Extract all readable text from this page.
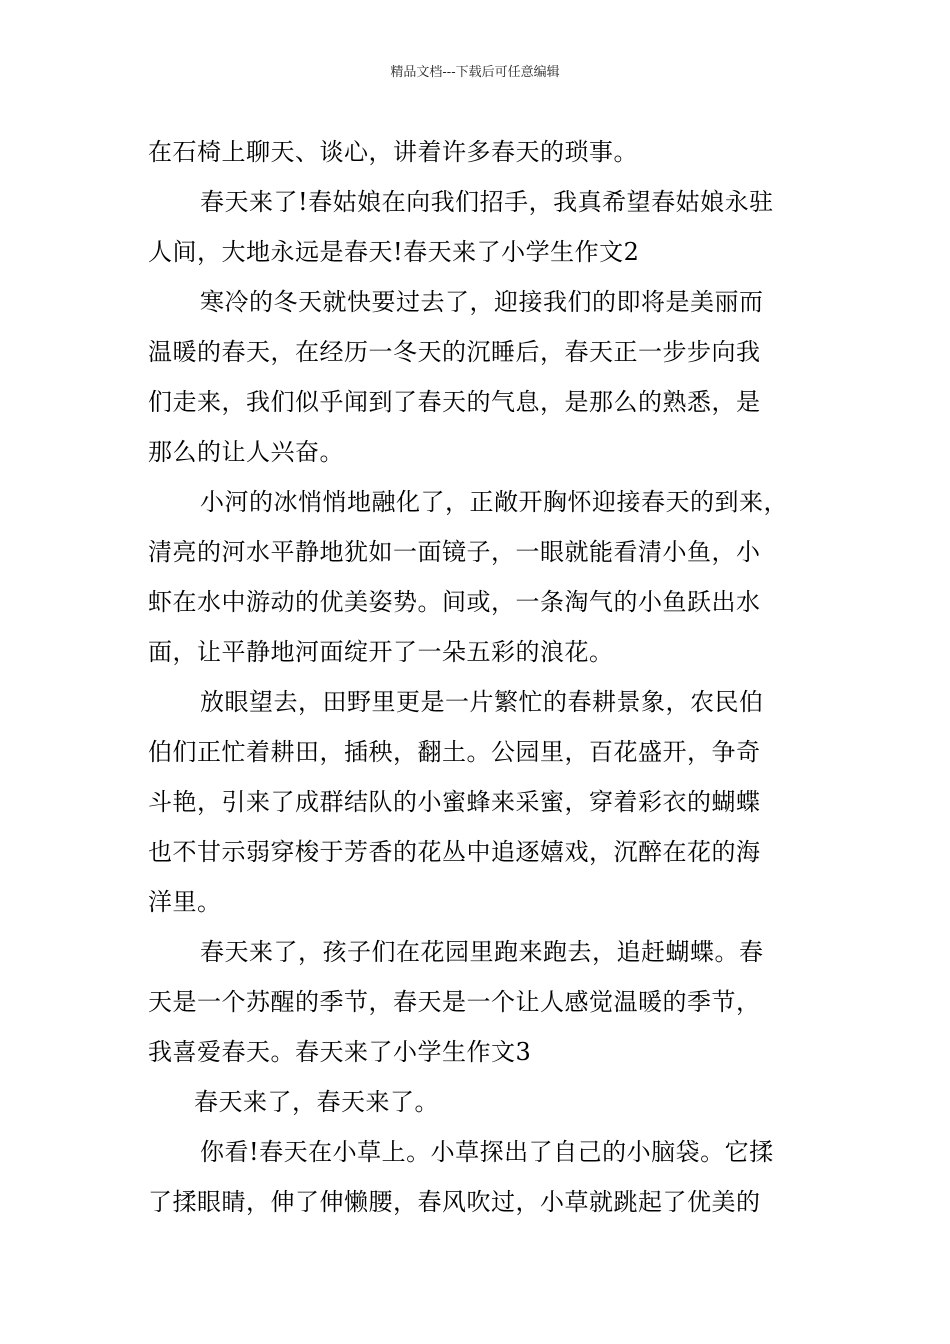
精品文档---下载后可任意编辑
在石椅上聊天、谈心，讲着许多春天的琐事。
春天来了!春姑娘在向我们招手，我真希望春姑娘永驻
人间，大地永远是春天!春天来了小学生作文2
寒冷的冬天就快要过去了，迎接我们的即将是美丽而
温暖的春天，在经历一冬天的沉睡后，春天正一步步向我
们走来，我们似乎闻到了春天的气息，是那么的熟悉，是
那么的让人兴奋。
小河的冰悄悄地融化了，正敞开胸怀迎接春天的到来，
清亮的河水平静地犹如一面镜子，一眼就能看清小鱼，小
虾在水中游动的优美姿势。间或，一条淘气的小鱼跃出水
面，让平静地河面绽开了一朵五彩的浪花。
放眼望去，田野里更是一片繁忙的春耕景象，农民伯
伯们正忙着耕田，插秧，翻土。公园里，百花盛开，争奇
斗艳，引来了成群结队的小蜜蜂来采蜜，穿着彩衣的蝴蝶
也不甘示弱穿梭于芳香的花丛中追逐嬉戏，沉醉在花的海
洋里。
春天来了，孩子们在花园里跑来跑去，追赶蝴蝶。春
天是一个苏醒的季节，春天是一个让人感觉温暖的季节，
我喜爱春天。春天来了小学生作文3
春天来了，春天来了。
你看!春天在小草上。小草探出了自己的小脑袋。它揉
了揉眼睛，伸了伸懒腰，春风吹过，小草就跳起了优美的
